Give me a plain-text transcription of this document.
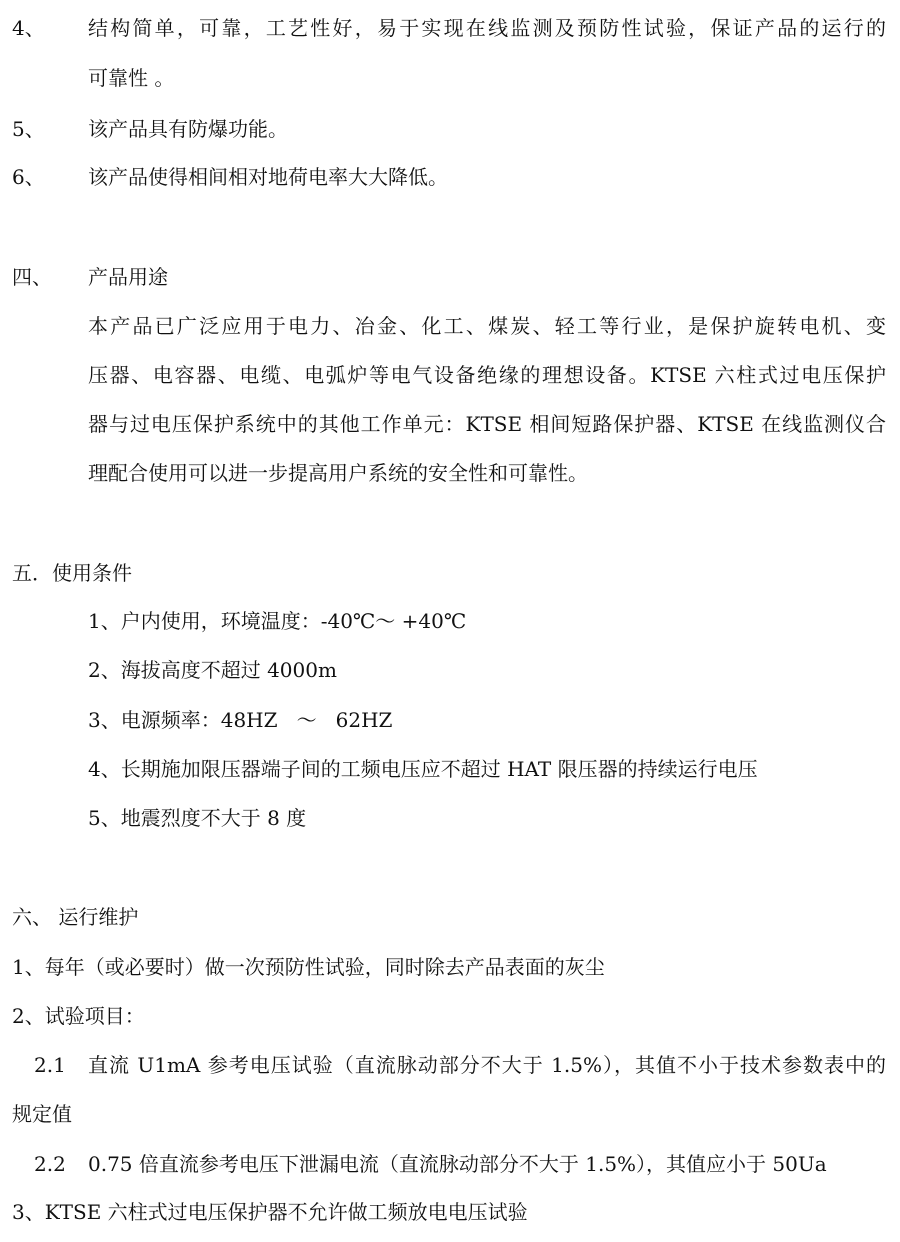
4、 结构简单，可靠，工艺性好，易于实现在线监测及预防性试验，保证产品的运行的
可靠性 。
5、 该产品具有防爆功能。
6、 该产品使得相间相对地荷电率大大降低。
四、 产品用途
本产品已广泛应用于电力、冶金、化工、煤炭、轻工等行业，是保护旋转电机、变
压器、电容器、电缆、电弧炉等电气设备绝缘的理想设备。KTSE 六柱式过电压保护
器与过电压保护系统中的其他工作单元：KTSE 相间短路保护器、KTSE 在线监测仪合
理配合使用可以进一步提高用户系统的安全性和可靠性。
五．使用条件
1、户内使用，环境温度：-40℃～ +40℃
2、海拔高度不超过 4000m
3、电源频率：48HZ   ～   62HZ
4、长期施加限压器端子间的工频电压应不超过 HAT 限压器的持续运行电压
5、地震烈度不大于 8 度
六、 运行维护
1、每年（或必要时）做一次预防性试验，同时除去产品表面的灰尘
2、试验项目：
2.1 直流 U1mA 参考电压试验（直流脉动部分不大于 1.5%），其值不小于技术参数表中的
规定值
2.2 0.75 倍直流参考电压下泄漏电流（直流脉动部分不大于 1.5%），其值应小于 50Ua
3、KTSE 六柱式过电压保护器不允许做工频放电电压试验
